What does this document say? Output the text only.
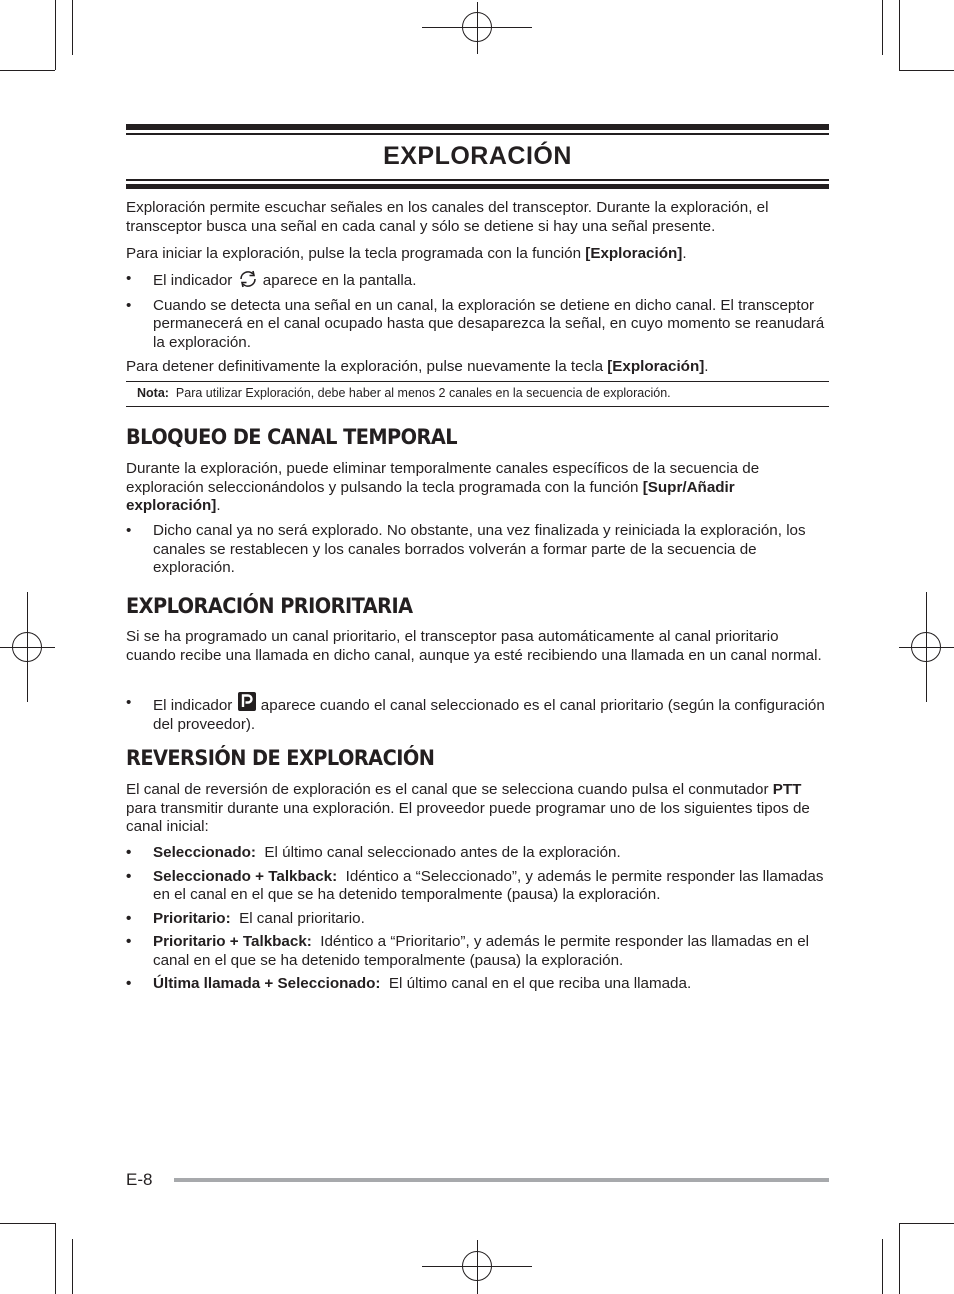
EXPLORACIÓN

Exploración permite escuchar señales en los canales del transceptor. Durante la exploración, el transceptor busca una señal en cada canal y sólo se detiene si hay una señal presente.

Para iniciar la exploración, pulse la tecla programada con la función [Exploración].

• El indicador  aparece en la pantalla.
• Cuando se detecta una señal en un canal, la exploración se detiene en dicho canal. El transceptor permanecerá en el canal ocupado hasta que desaparezca la señal, en cuyo momento se reanudará la exploración.

Para detener definitivamente la exploración, pulse nuevamente la tecla [Exploración].

Nota: Para utilizar Exploración, debe haber al menos 2 canales en la secuencia de exploración.

BLOQUEO DE CANAL TEMPORAL

Durante la exploración, puede eliminar temporalmente canales específicos de la secuencia de exploración seleccionándolos y pulsando la tecla programada con la función [Supr/Añadir exploración].

• Dicho canal ya no será explorado. No obstante, una vez finalizada y reiniciada la exploración, los canales se restablecen y los canales borrados volverán a formar parte de la secuencia de exploración.
EXPLORACIÓN PRIORITARIA

Si se ha programado un canal prioritario, el transceptor pasa automáticamente al canal prioritario cuando recibe una llamada en dicho canal, aunque ya esté recibiendo una llamada en un canal normal.

• El indicador  aparece cuando el canal seleccionado es el canal prioritario (según la configuración del proveedor).
REVERSIÓN DE EXPLORACIÓN

El canal de reversión de exploración es el canal que se selecciona cuando pulsa el conmutador PTT para transmitir durante una exploración. El proveedor puede programar uno de los siguientes tipos de canal inicial:

• Seleccionado:  El último canal seleccionado antes de la exploración.
• Seleccionado + Talkback:  Idéntico a “Seleccionado”, y además le permite responder las llamadas en el canal en el que se ha detenido temporalmente (pausa) la exploración.
• Prioritario:  El canal prioritario.
• Prioritario + Talkback:  Idéntico a “Prioritario”, y además le permite responder las llamadas en el canal en el que se ha detenido temporalmente (pausa) la exploración.
• Última llamada + Seleccionado:  El último canal en el que reciba una llamada.
E-8
